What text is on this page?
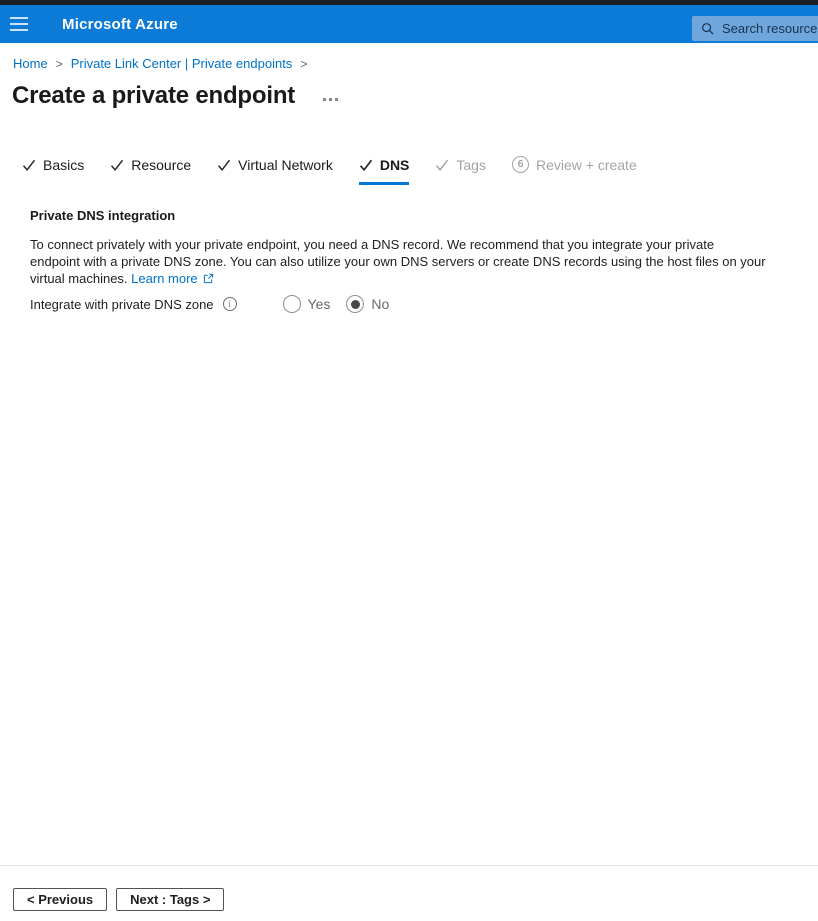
Microsoft Azure
Search resources
Home > Private Link Center | Private endpoints >
Create a private endpoint
Basics	Resource	Virtual Network	DNS	Tags	6 Review + create
Private DNS integration

To connect privately with your private endpoint, you need a DNS record. We recommend that you integrate your private endpoint with a private DNS zone. You can also utilize your own DNS servers or create DNS records using the host files on your virtual machines. Learn more

Integrate with private DNS zone	i	Yes	No
< Previous	Next : Tags >
